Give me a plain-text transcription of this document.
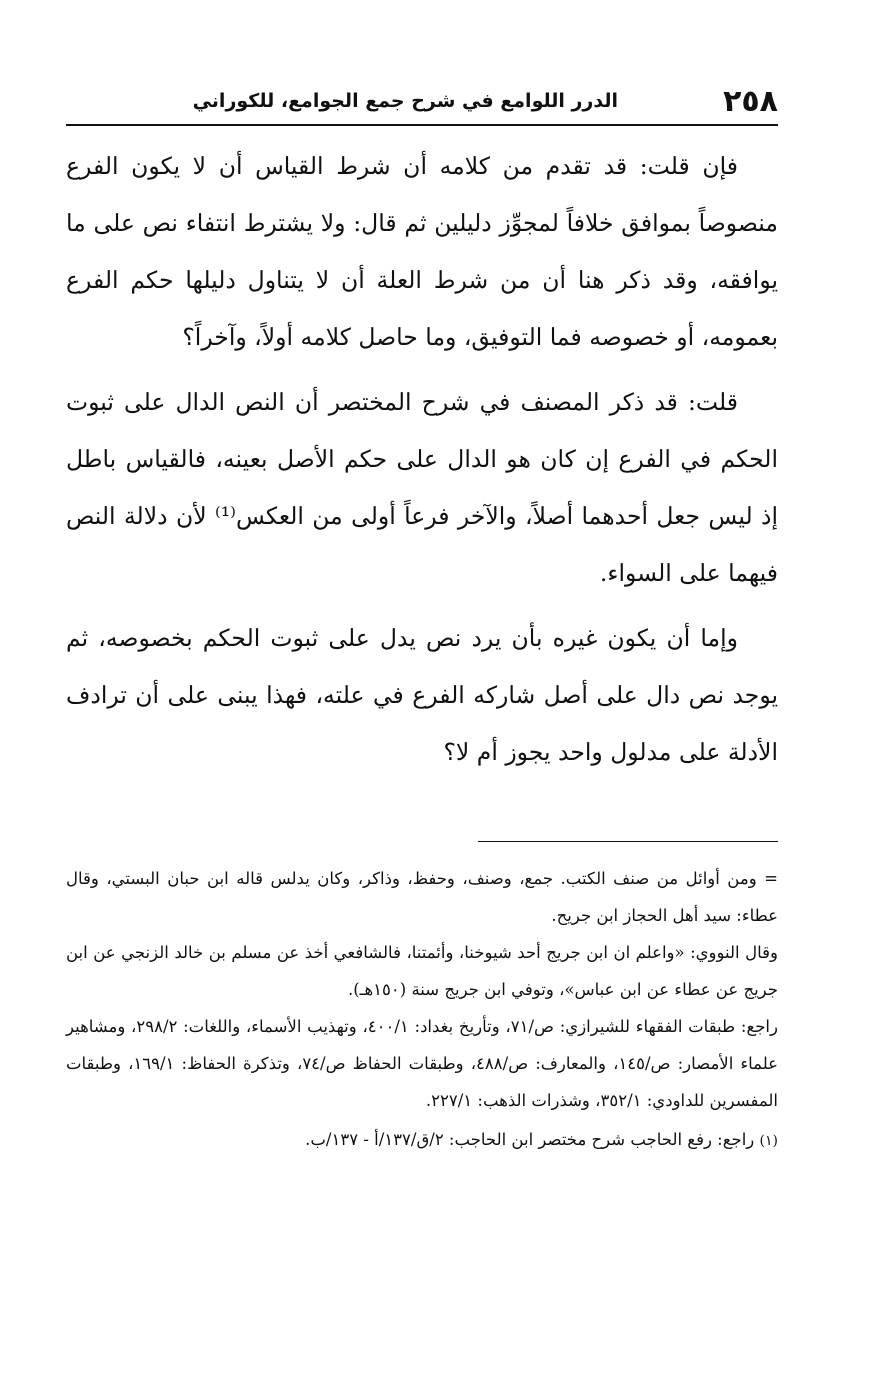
٢٥٨
الدرر اللوامع في شرح جمع الجوامع، للكوراني

فإن قلت: قد تقدم من كلامه أن شرط القياس أن لا يكون الفرع منصوصاً بموافق خلافاً لمجوِّز دليلين ثم قال: ولا يشترط انتفاء نص على ما يوافقه، وقد ذكر هنا أن من شرط العلة أن لا يتناول دليلها حكم الفرع بعمومه، أو خصوصه فما التوفيق، وما حاصل كلامه أولاً، وآخراً؟

قلت: قد ذكر المصنف في شرح المختصر أن النص الدال على ثبوت الحكم في الفرع إن كان هو الدال على حكم الأصل بعينه، فالقياس باطل إذ ليس جعل أحدهما أصلاً، والآخر فرعاً أولى من العكس⁽¹⁾ لأن دلالة النص فيهما على السواء.

وإما أن يكون غيره بأن يرد نص يدل على ثبوت الحكم بخصوصه، ثم يوجد نص دال على أصل شاركه الفرع في علته، فهذا يبنى على أن ترادف الأدلة على مدلول واحد يجوز أم لا؟

= ومن أوائل من صنف الكتب. جمع، وصنف، وحفظ، وذاكر، وكان يدلس قاله ابن حبان البستي، وقال عطاء: سيد أهل الحجاز ابن جريح.

وقال النووي: «واعلم ان ابن جريج أحد شيوخنا، وأئمتنا، فالشافعي أخذ عن مسلم بن خالد الزنجي عن ابن جريج عن عطاء عن ابن عباس»، وتوفي ابن جريج سنة (١٥٠هـ).

راجع: طبقات الفقهاء للشيرازي: ص/٧١، وتأريخ بغداد: ٤٠٠/١، وتهذيب الأسماء، واللغات: ٢٩٨/٢، ومشاهير علماء الأمصار: ص/١٤٥، والمعارف: ص/٤٨٨، وطبقات الحفاظ ص/٧٤، وتذكرة الحفاظ: ١٦٩/١، وطبقات المفسرين للداودي: ٣٥٢/١، وشذرات الذهب: ٢٢٧/١.

(١) راجع: رفع الحاجب شرح مختصر ابن الحاجب: ٢/ق/١٣٧/أ - ١٣٧/ب.
